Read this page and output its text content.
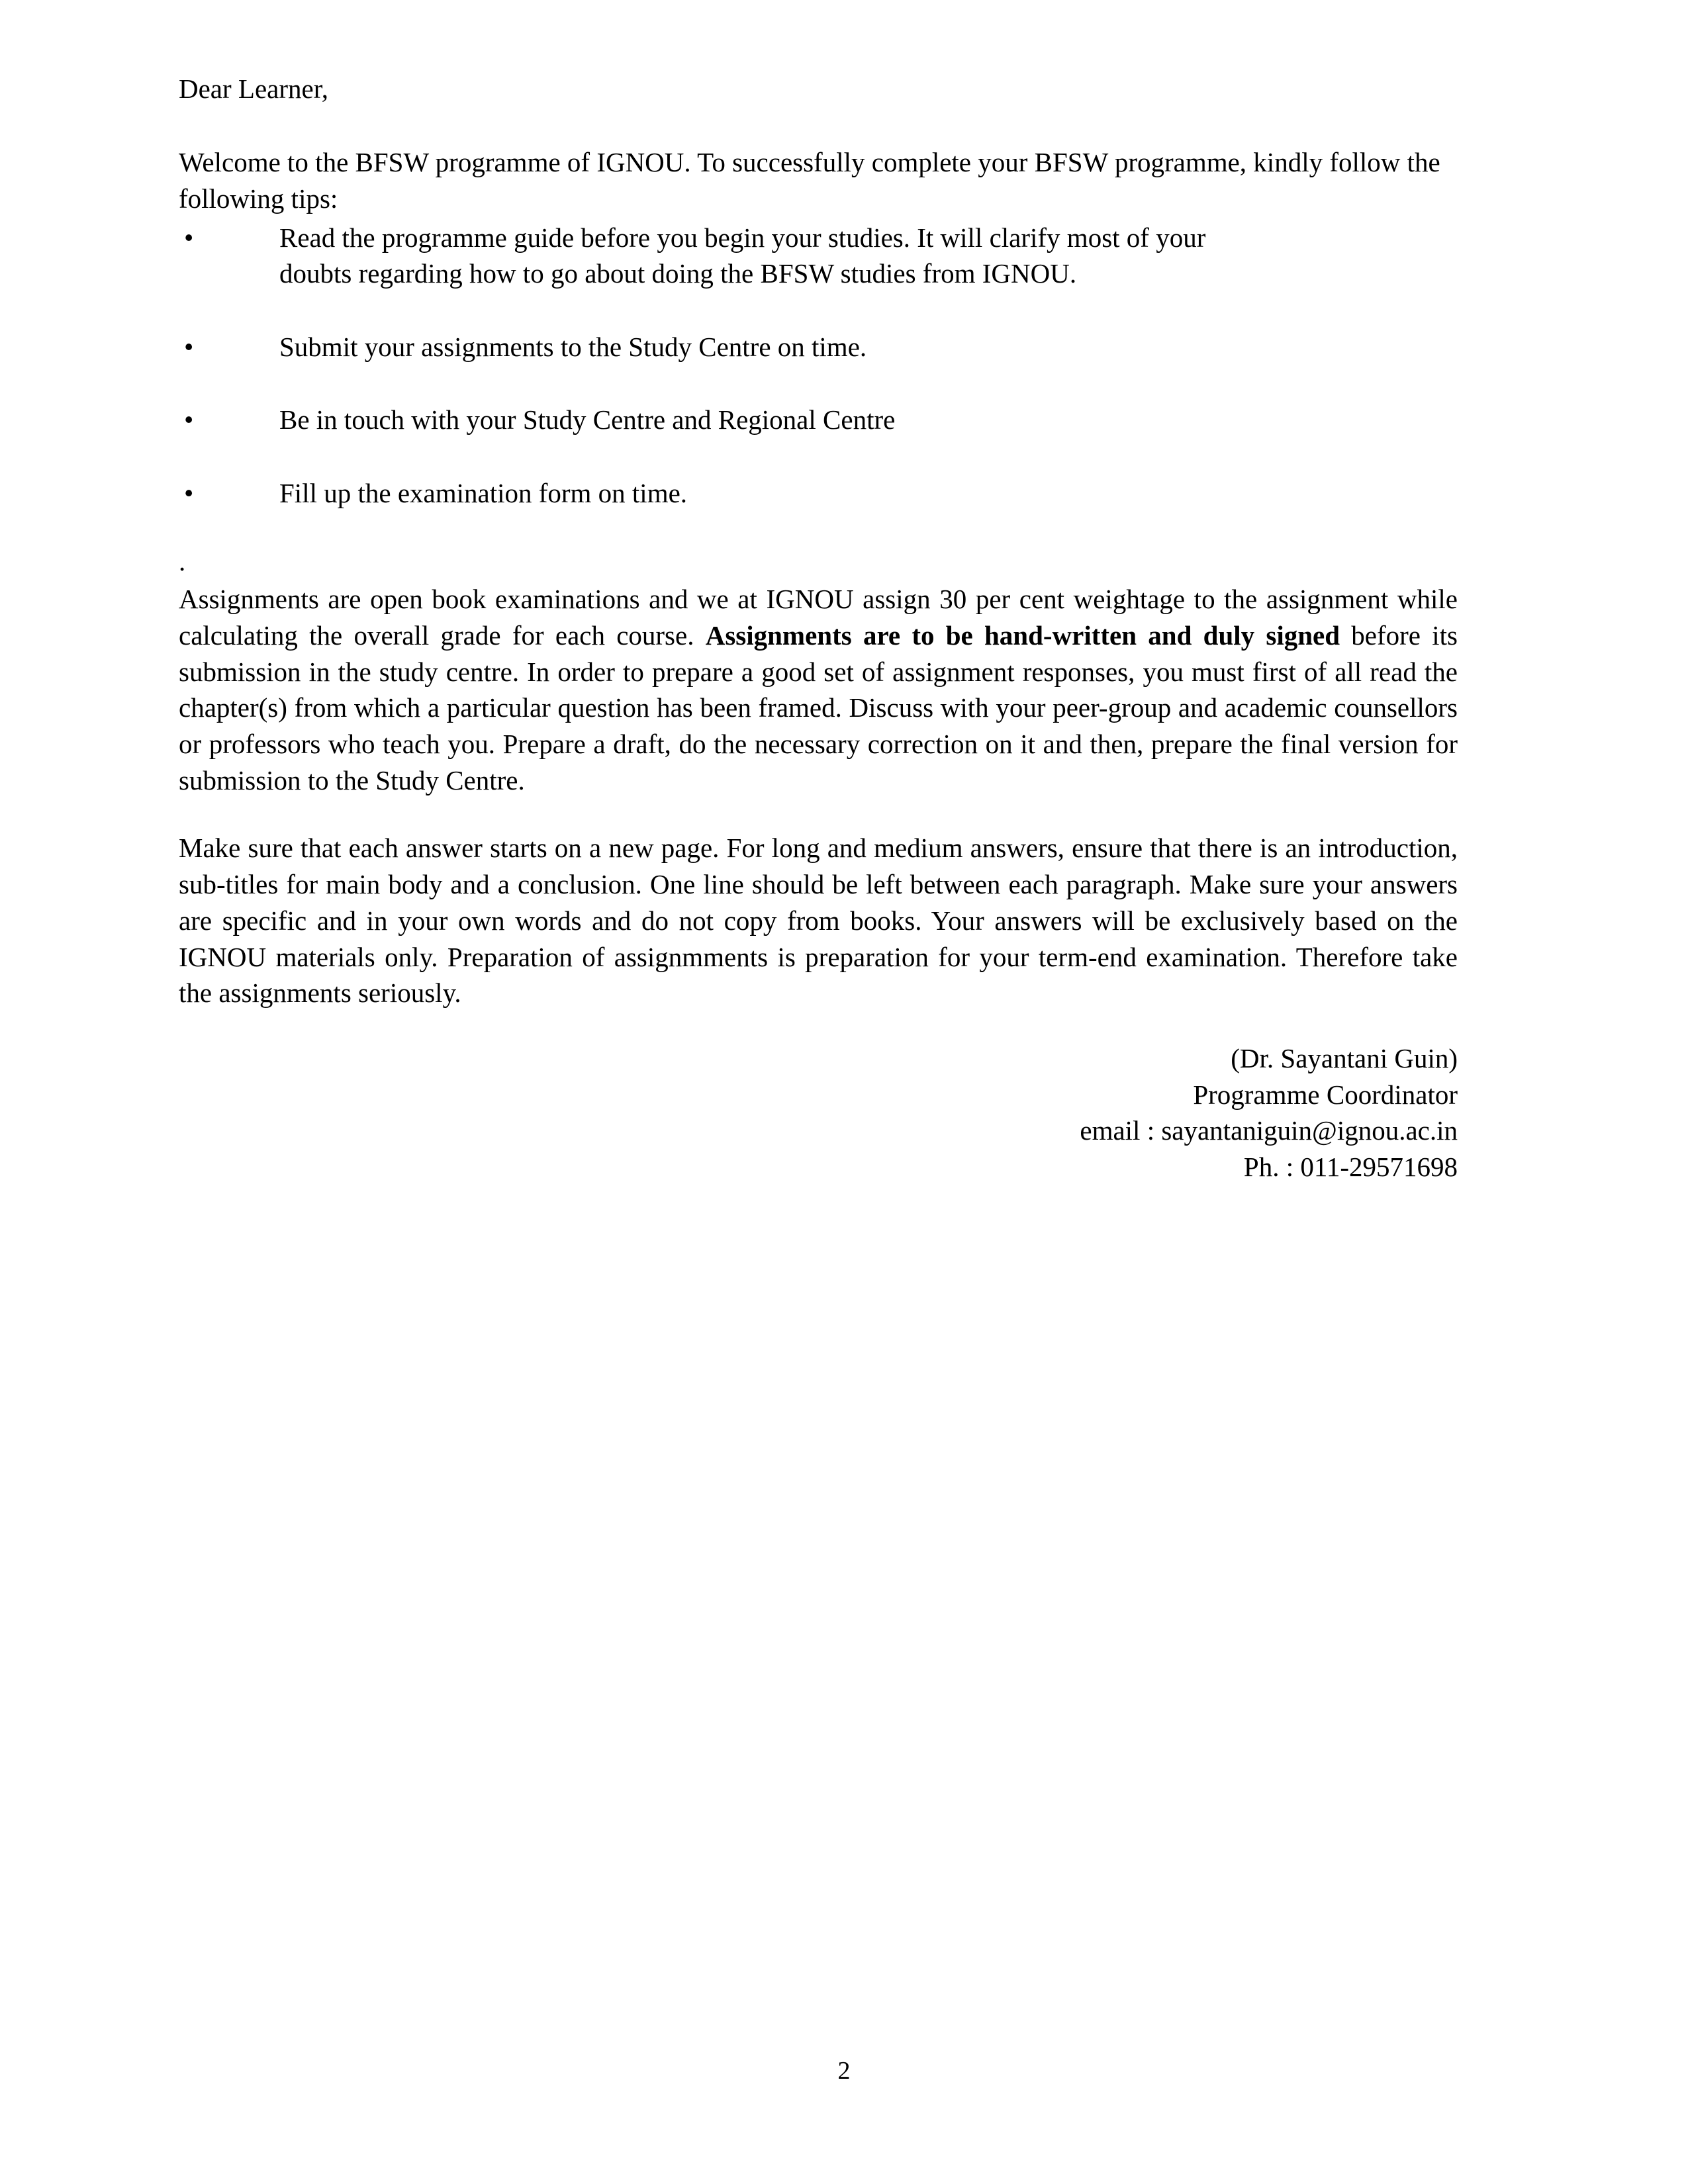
Dear Learner,

Welcome to the BFSW programme of IGNOU. To successfully complete your BFSW programme, kindly follow the following tips:

•	Read the programme guide before you begin your studies. It will clarify most of your doubts regarding how to go about doing the BFSW studies from IGNOU.
•	Submit your assignments to the Study Centre on time.
•	Be in touch with your Study Centre and Regional Centre
•	Fill up the examination form on time.

.

Assignments are open book examinations and we at IGNOU assign 30 per cent weightage to the assignment while calculating the overall grade for each course. Assignments are to be hand-written and duly signed before its submission in the study centre. In order to prepare a good set of assignment responses, you must first of all read the chapter(s) from which a particular question has been framed. Discuss with your peer-group and academic counsellors or professors who teach you. Prepare a draft, do the necessary correction on it and then, prepare the final version for submission to the Study Centre.

Make sure that each answer starts on a new page. For long and medium answers, ensure that there is an introduction, sub-titles for main body and a conclusion. One line should be left between each paragraph. Make sure your answers are specific and in your own words and do not copy from books. Your answers will be exclusively based on the IGNOU materials only. Preparation of assignmments is preparation for your term-end examination. Therefore take the assignments seriously.

(Dr. Sayantani Guin)
Programme Coordinator
email : sayantaniguin@ignou.ac.in
Ph. : 011-29571698
2
